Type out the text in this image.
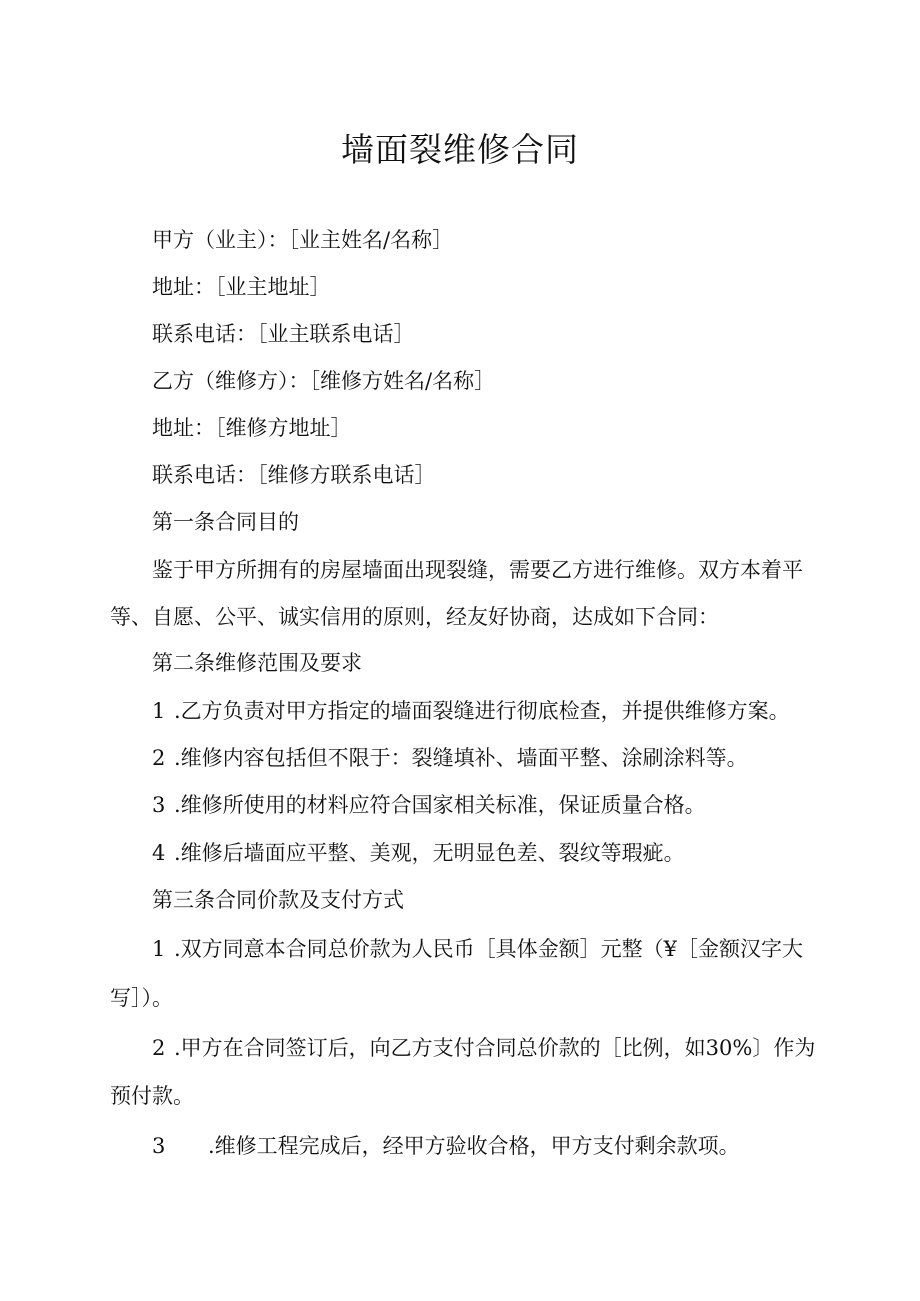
墙面裂维修合同

甲方（业主）：［业主姓名/名称］

地址：［业主地址］

联系电话：［业主联系电话］

乙方（维修方）：［维修方姓名/名称］

地址：［维修方地址］

联系电话：［维修方联系电话］

第一条合同目的

鉴于甲方所拥有的房屋墙面出现裂缝，需要乙方进行维修。双方本着平

等、自愿、公平、诚实信用的原则，经友好协商，达成如下合同：

第二条维修范围及要求

1 .乙方负责对甲方指定的墙面裂缝进行彻底检查，并提供维修方案。

2 .维修内容包括但不限于：裂缝填补、墙面平整、涂刷涂料等。

3 .维修所使用的材料应符合国家相关标准，保证质量合格。

4 .维修后墙面应平整、美观，无明显色差、裂纹等瑕疵。

第三条合同价款及支付方式

1 .双方同意本合同总价款为人民币［具体金额］元整（¥［金额汉字大

写］）。

2 .甲方在合同签订后，向乙方支付合同总价款的［比例，如30%〕作为

预付款。

3 .维修工程完成后，经甲方验收合格，甲方支付剩余款项。
